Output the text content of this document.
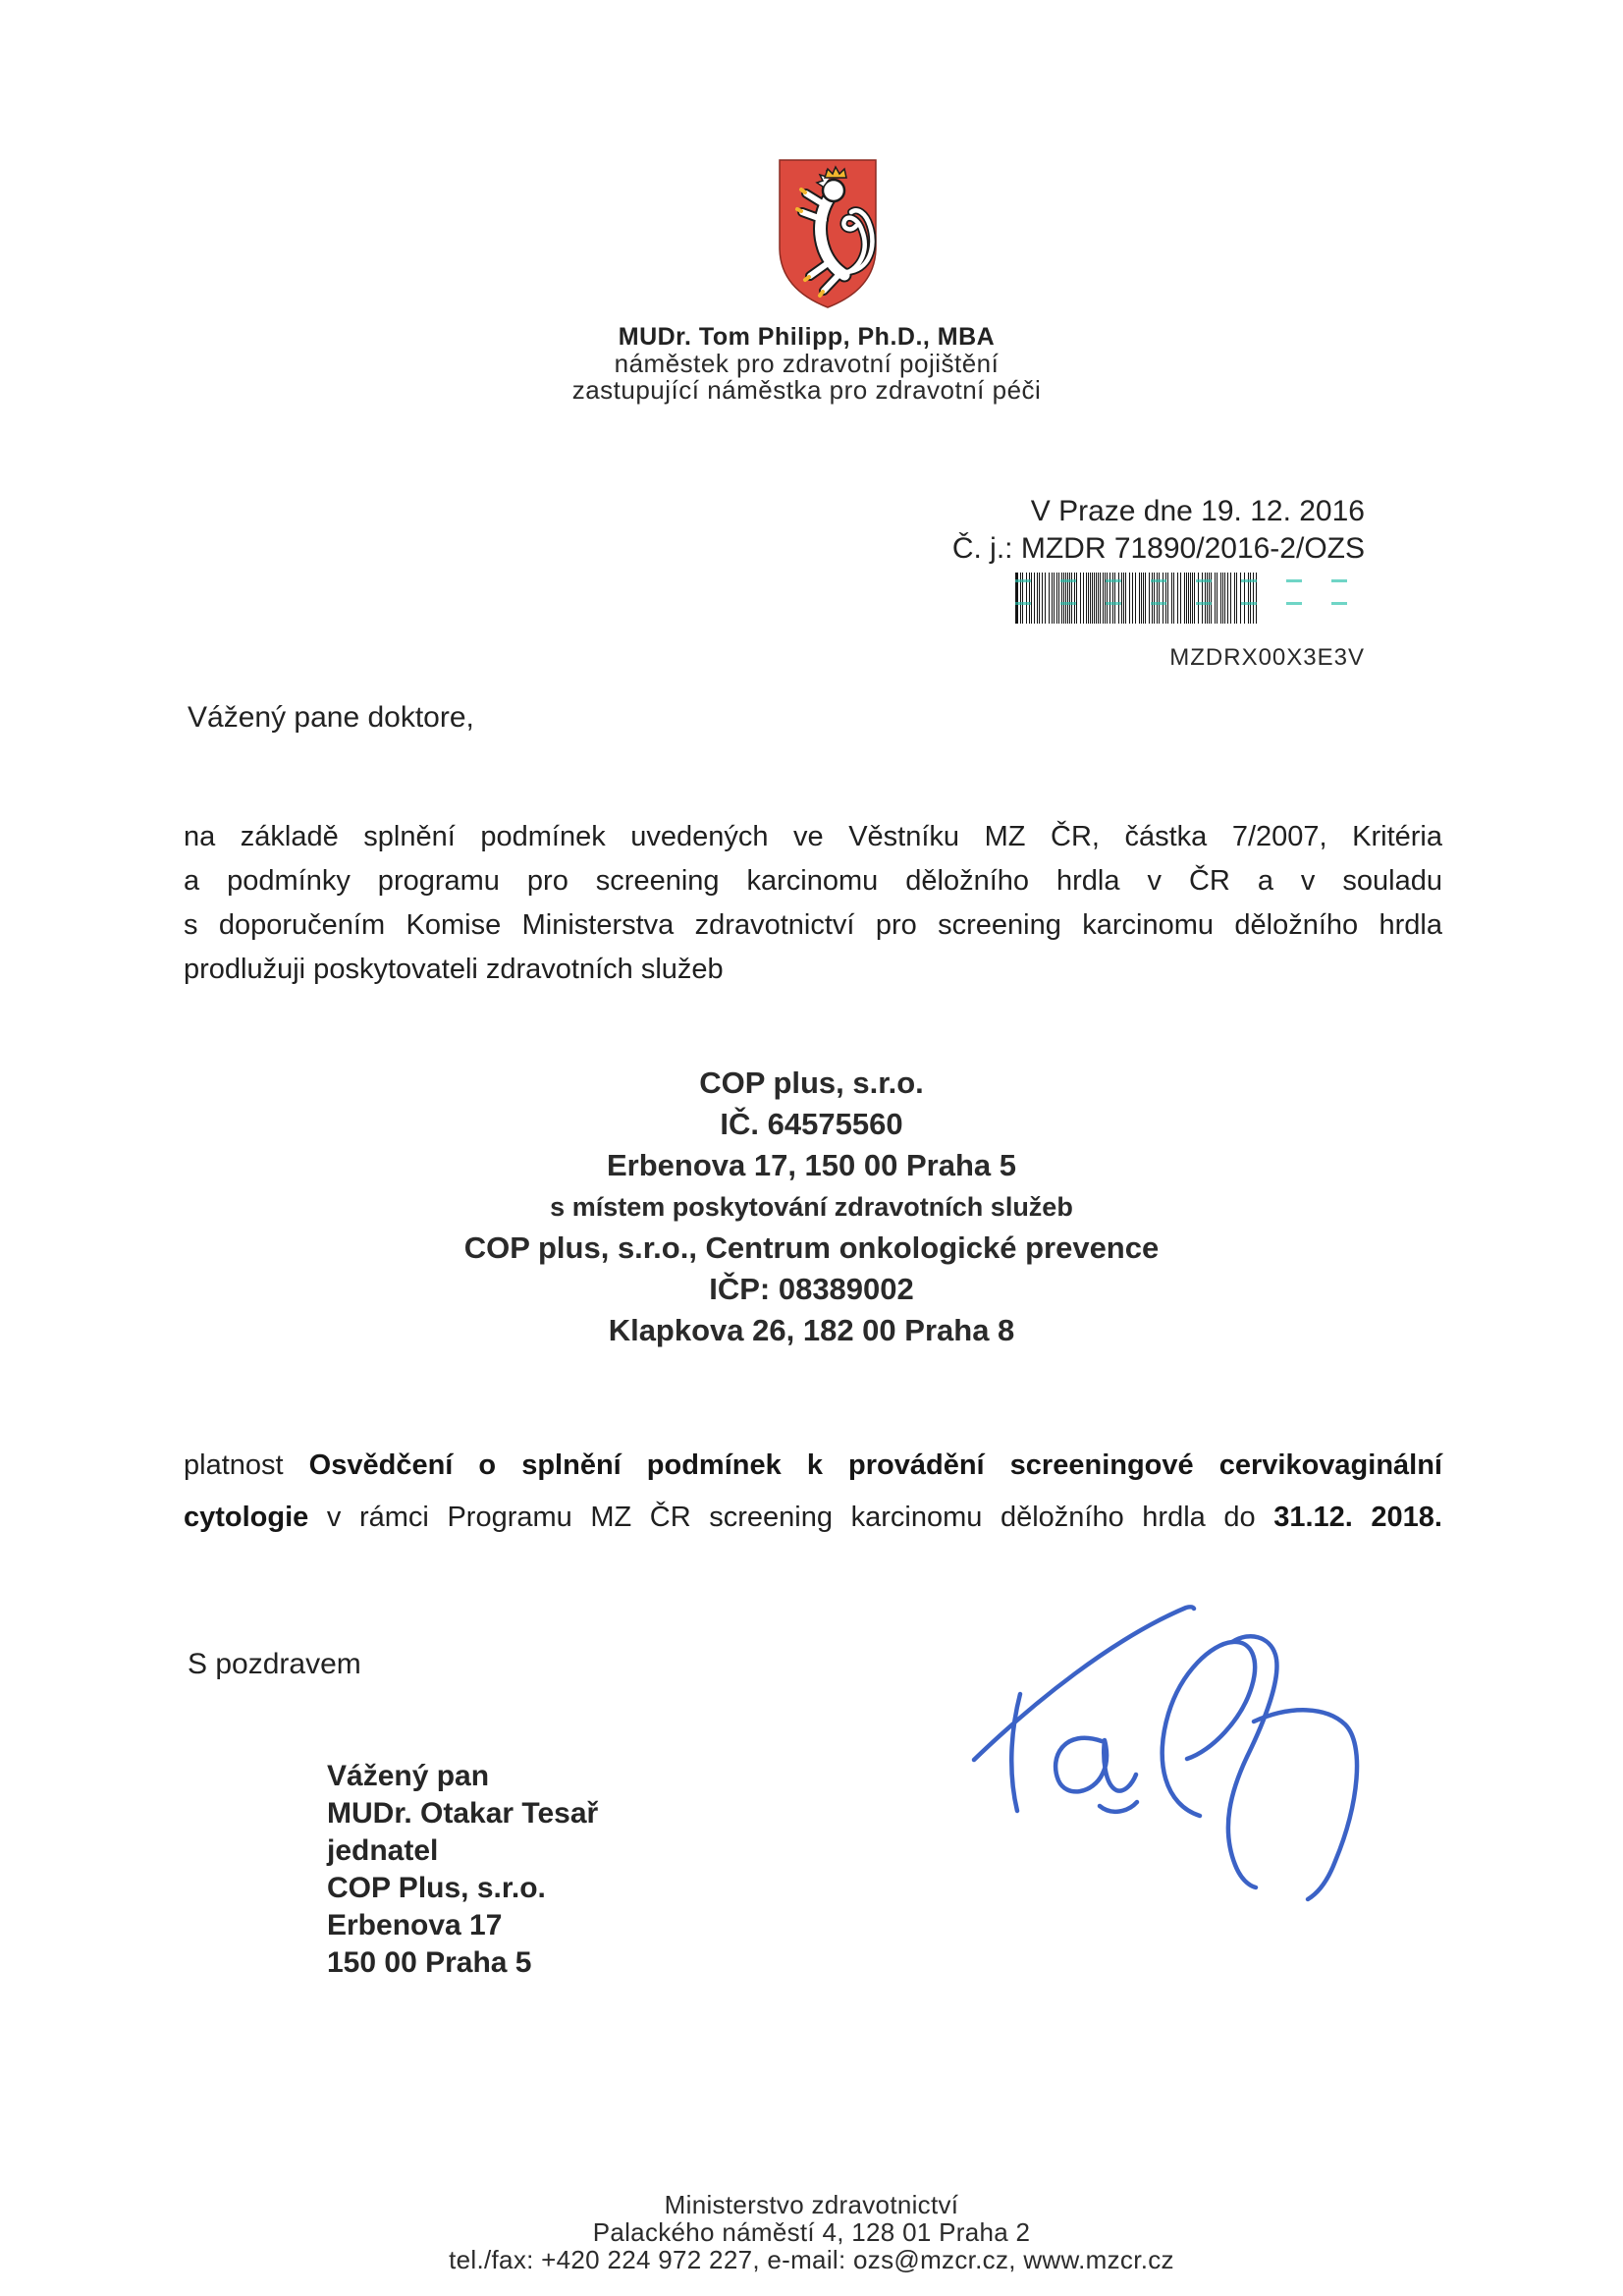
MUDr. Tom Philipp, Ph.D., MBA
náměstek pro zdravotní pojištění
zastupující náměstka pro zdravotní péči
V Praze dne 19. 12. 2016
Č. j.: MZDR 71890/2016-2/OZS
MZDRX00X3E3V
Vážený pane doktore,
na základě splnění podmínek uvedených ve Věstníku MZ ČR, částka 7/2007, Kritéria
a podmínky programu pro screening karcinomu děložního hrdla v ČR a v souladu
s doporučením Komise Ministerstva zdravotnictví pro screening karcinomu děložního hrdla
prodlužuji poskytovateli zdravotních služeb
COP plus, s.r.o.
IČ. 64575560
Erbenova 17, 150 00 Praha 5
s místem poskytování zdravotních služeb
COP plus, s.r.o., Centrum onkologické prevence
IČP: 08389002
Klapkova 26, 182 00 Praha 8
platnost Osvědčení o splnění podmínek k provádění screeningové cervikovaginální
cytologie v rámci Programu MZ ČR screening karcinomu děložního hrdla do 31.12. 2018.
S pozdravem
Vážený pan
MUDr. Otakar Tesař
jednatel
COP Plus, s.r.o.
Erbenova 17
150 00 Praha 5
Ministerstvo zdravotnictví
Palackého náměstí 4, 128 01 Praha 2
tel./fax: +420 224 972 227, e-mail: ozs@mzcr.cz, www.mzcr.cz
